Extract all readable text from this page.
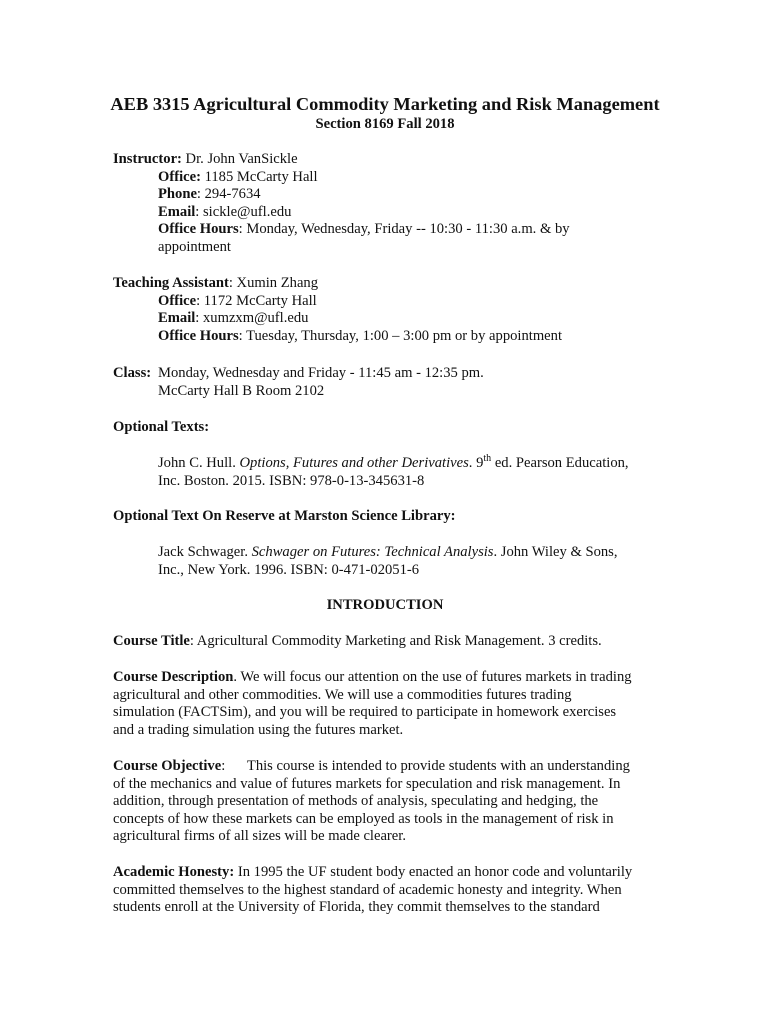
AEB 3315 Agricultural Commodity Marketing and Risk Management
Section 8169 Fall 2018
Instructor: Dr. John VanSickle
Office: 1185 McCarty Hall
Phone: 294-7634
Email: sickle@ufl.edu
Office Hours: Monday, Wednesday, Friday -- 10:30 - 11:30 a.m. & by
appointment
Teaching Assistant: Xumin Zhang
Office: 1172 McCarty Hall
Email: xumzxm@ufl.edu
Office Hours: Tuesday, Thursday, 1:00 – 3:00 pm or by appointment
Class: Monday, Wednesday and Friday - 11:45 am - 12:35 pm.
McCarty Hall B Room 2102
Optional Texts:
John C. Hull. Options, Futures and other Derivatives. 9th ed. Pearson Education,
Inc. Boston. 2015. ISBN: 978-0-13-345631-8
Optional Text On Reserve at Marston Science Library:
Jack Schwager. Schwager on Futures: Technical Analysis. John Wiley & Sons,
Inc., New York. 1996. ISBN: 0-471-02051-6
INTRODUCTION
Course Title: Agricultural Commodity Marketing and Risk Management. 3 credits.
Course Description. We will focus our attention on the use of futures markets in trading
agricultural and other commodities. We will use a commodities futures trading
simulation (FACTSim), and you will be required to participate in homework exercises
and a trading simulation using the futures market.
Course Objective:      This course is intended to provide students with an understanding
of the mechanics and value of futures markets for speculation and risk management. In
addition, through presentation of methods of analysis, speculating and hedging, the
concepts of how these markets can be employed as tools in the management of risk in
agricultural firms of all sizes will be made clearer.
Academic Honesty: In 1995 the UF student body enacted an honor code and voluntarily
committed themselves to the highest standard of academic honesty and integrity. When
students enroll at the University of Florida, they commit themselves to the standard
